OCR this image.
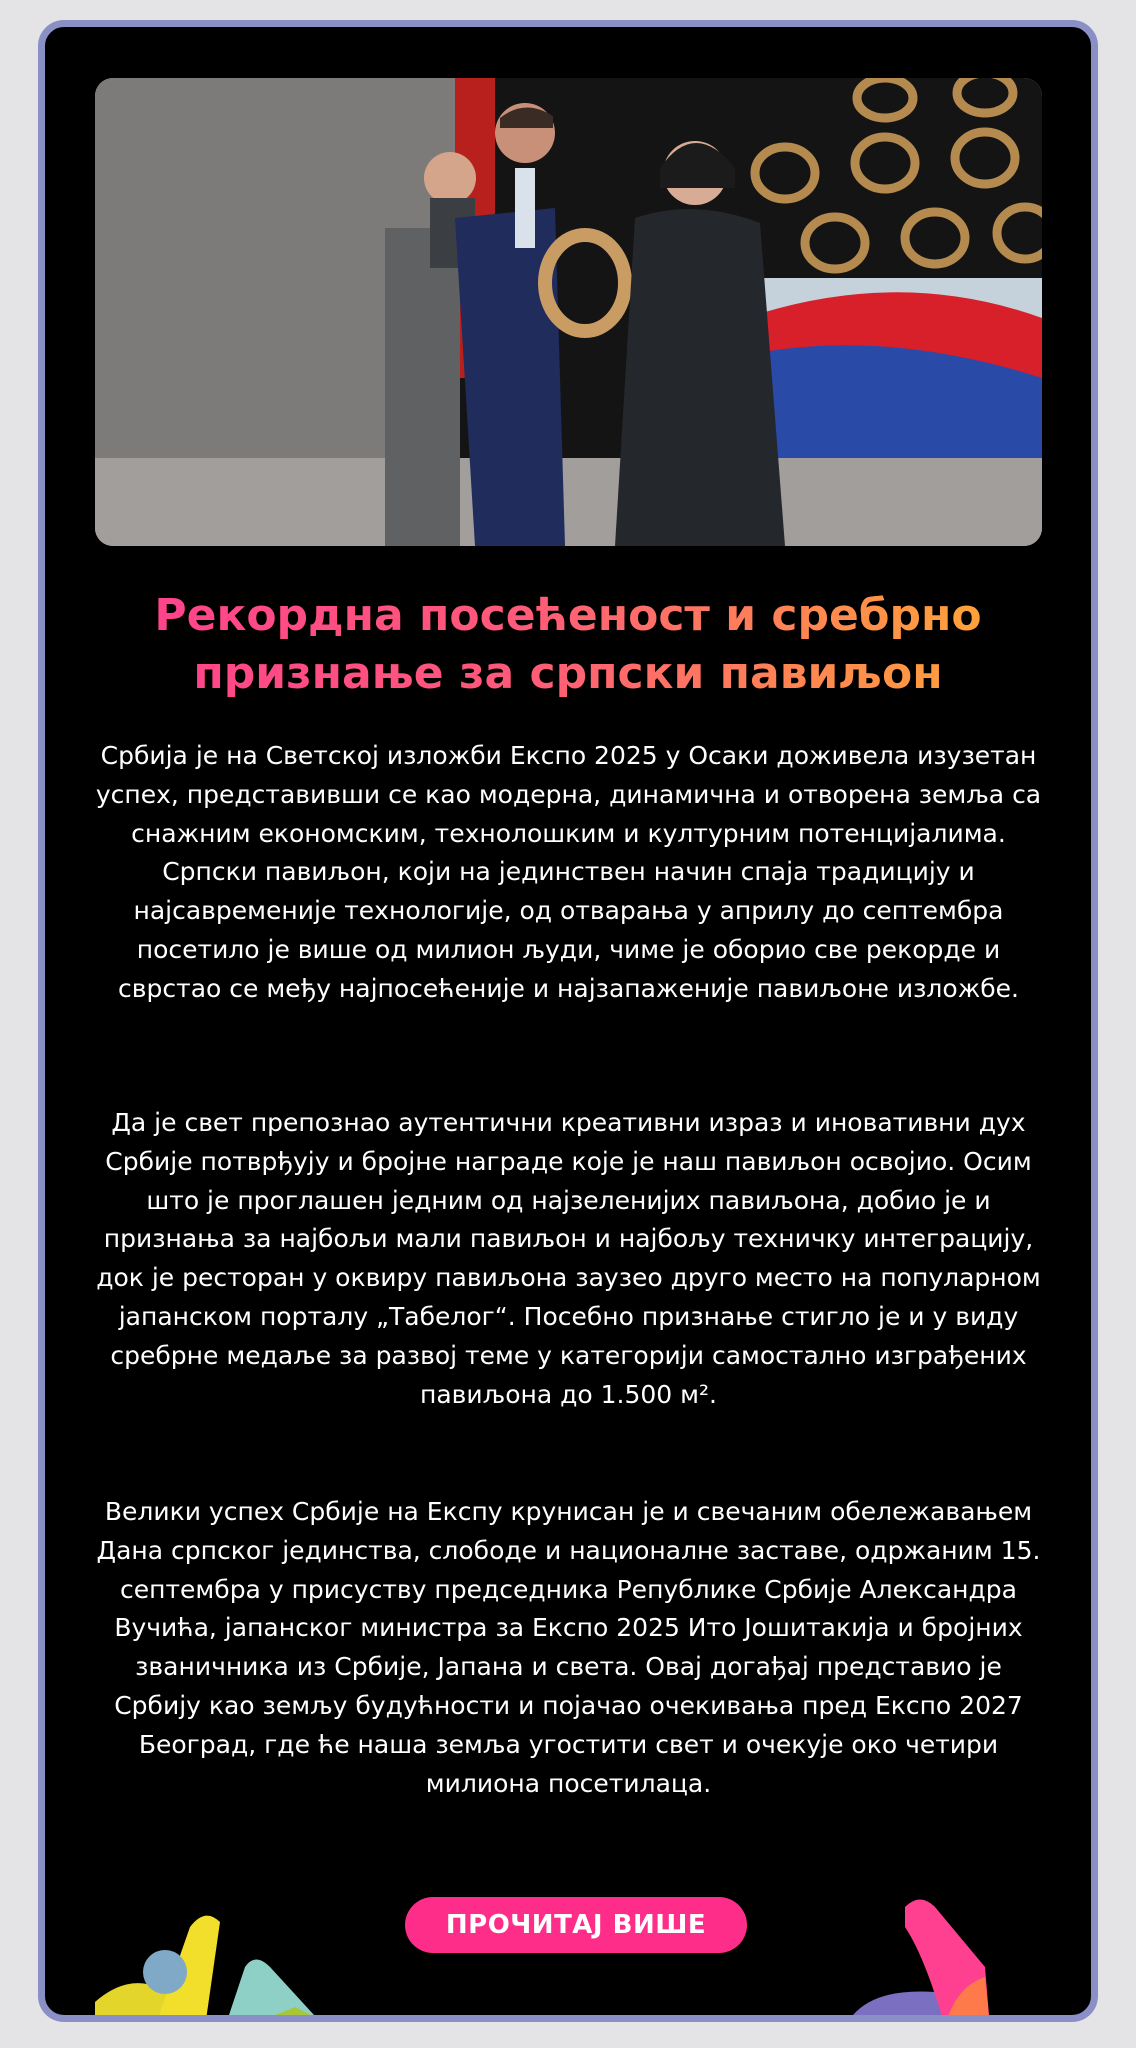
Рекордна посећеност и сребрно признање за српски павиљон

Србија је на Светској изложби Експо 2025 у Осаки доживела изузетан успех, представивши се као модерна, динамична и отворена земља са снажним економским, технолошким и културним потенцијалима. Српски павиљон, који на јединствен начин спаја традицију и најсавременије технологије, од отварања у априлу до септембра посетило је више од милион људи, чиме је оборио све рекорде и сврстао се међу најпосећеније и најзапаженије павиљоне изложбе.

Да је свет препознао аутентични креативни израз и иновативни дух Србије потврђују и бројне награде које је наш павиљон освојио. Осим што је проглашен једним од најзеленијих павиљона, добио је и признања за најбољи мали павиљон и најбољу техничку интеграцију, док је ресторан у оквиру павиљона заузео друго место на популарном јапанском порталу „Табелог“. Посебно признање стигло је и у виду сребрне медаље за развој теме у категорији самостално изграђених павиљона до 1.500 м².

Велики успех Србије на Експу крунисан је и свечаним обележавањем Дана српског јединства, слободе и националне заставе, одржаним 15. септембра у присуству председника Републике Србије Александра Вучића, јапанског министра за Експо 2025 Ито Јошитакија и бројних званичника из Србије, Јапана и света. Овај догађај представио је Србију као земљу будућности и појачао очекивања пред Експо 2027 Београд, где ће наша земља угостити свет и очекује око четири милиона посетилаца.

ПРОЧИТАЈ ВИШЕ
